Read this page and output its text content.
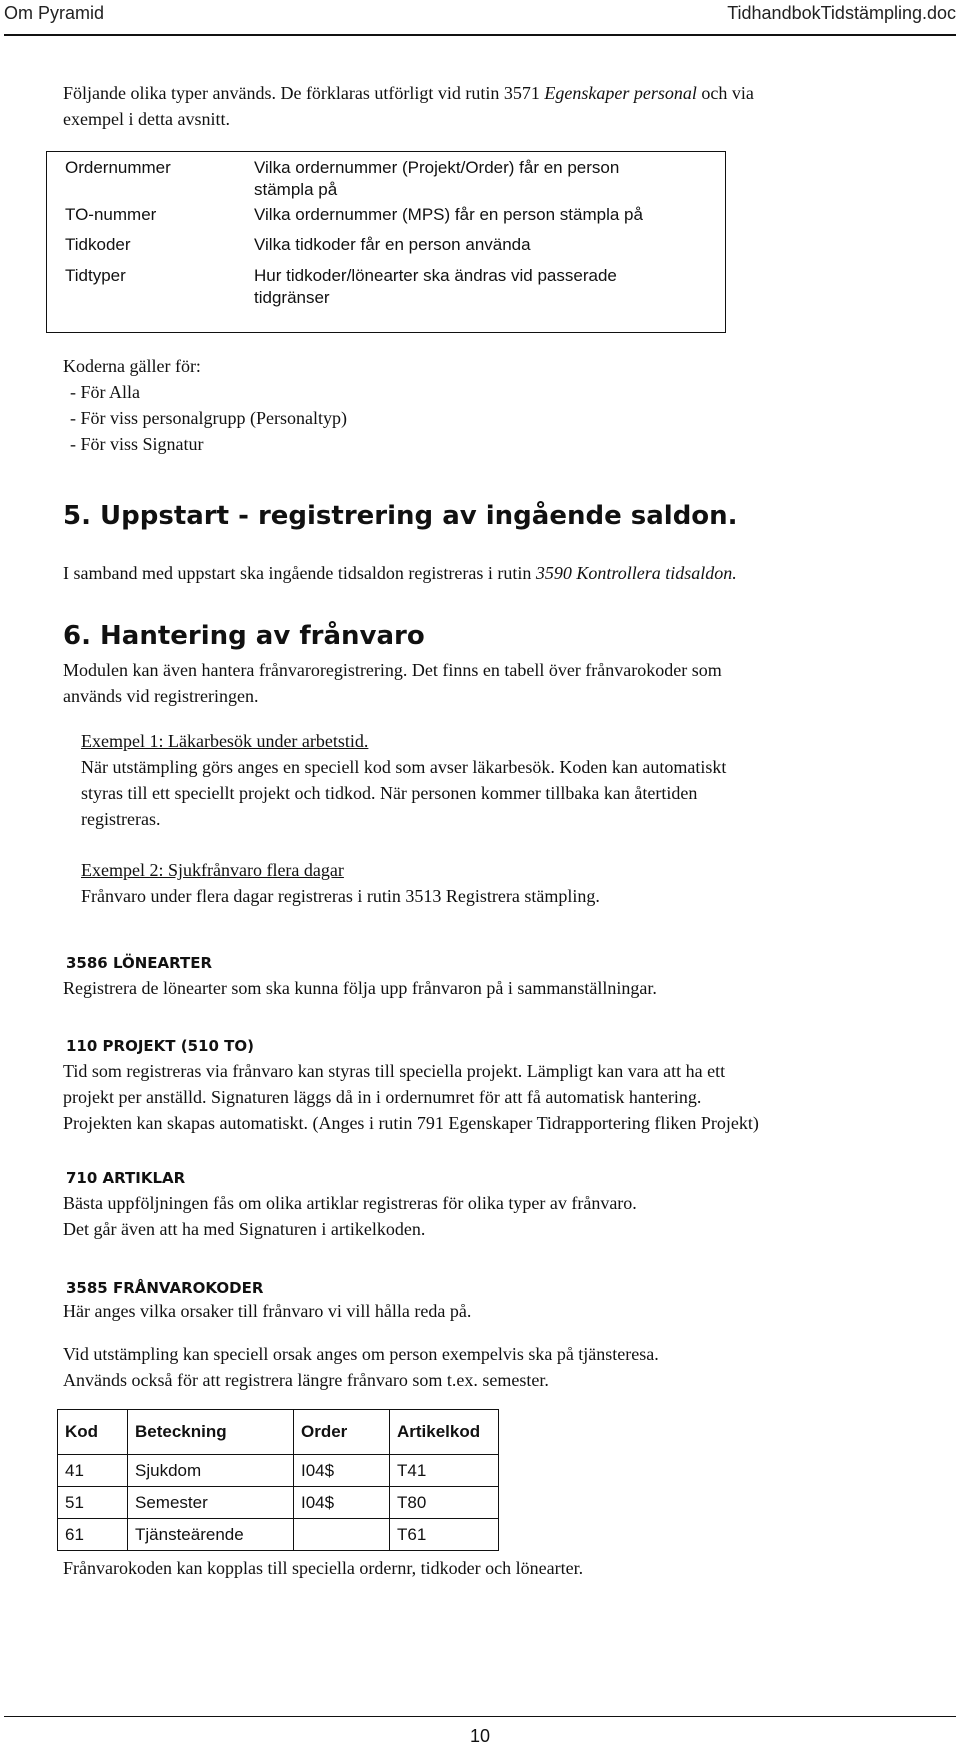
Om Pyramid	TidhandbokTidstämpling.doc

Följande olika typer används. De förklaras utförligt vid rutin 3571 Egenskaper personal och via

exempel i detta avsnitt.

Ordernummer	Vilka ordernummer (Projekt/Order) får en person
stämpla på
TO-nummer	Vilka ordernummer (MPS) får en person stämpla på
Tidkoder	Vilka tidkoder får en person använda
Tidtyper	Hur tidkoder/lönearter ska ändras vid passerade
tidgränser

Koderna gäller för:

- För Alla

- För viss personalgrupp (Personaltyp)

- För viss Signatur

5. Uppstart - registrering av ingående saldon.

I samband med uppstart ska ingående tidsaldon registreras i rutin 3590 Kontrollera tidsaldon.

6. Hantering av frånvaro

Modulen kan även hantera frånvaroregistrering. Det finns en tabell över frånvarokoder som

används vid registreringen.

Exempel 1: Läkarbesök under arbetstid.

När utstämpling görs anges en speciell kod som avser läkarbesök. Koden kan automatiskt

styras till ett speciellt projekt och tidkod. När personen kommer tillbaka kan återtiden

registreras.

Exempel 2: Sjukfrånvaro flera dagar

Frånvaro under flera dagar registreras i rutin 3513 Registrera stämpling.

3586 LÖNEARTER

Registrera de lönearter som ska kunna följa upp frånvaron på i sammanställningar.

110 PROJEKT (510 TO)

Tid som registreras via frånvaro kan styras till speciella projekt. Lämpligt kan vara att ha ett

projekt per anställd. Signaturen läggs då in i ordernumret för att få automatisk hantering.

Projekten kan skapas automatiskt. (Anges i rutin 791 Egenskaper Tidrapportering fliken Projekt)

710 ARTIKLAR

Bästa uppföljningen fås om olika artiklar registreras för olika typer av frånvaro.

Det går även att ha med Signaturen i artikelkoden.

3585 FRÅNVAROKODER

Här anges vilka orsaker till frånvaro vi vill hålla reda på.

Vid utstämpling kan speciell orsak anges om person exempelvis ska på tjänsteresa.

Används också för att registrera längre frånvaro som t.ex. semester.

Kod	Beteckning	Order	Artikelkod
41	Sjukdom	I04$	T41
51	Semester	I04$	T80
61	Tjänsteärende		T61

Frånvarokoden kan kopplas till speciella ordernr, tidkoder och lönearter.

10
